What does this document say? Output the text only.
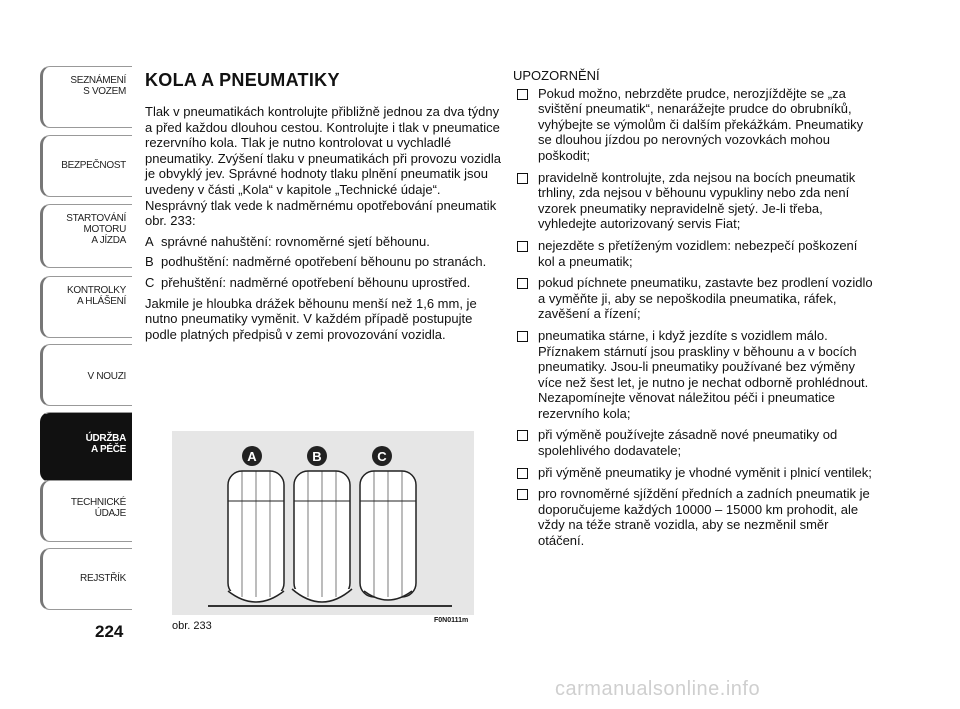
SEZNÁMENÍ
S VOZEM
BEZPEČNOST
STARTOVÁNÍ
MOTORU
A JÍZDA
KONTROLKY
A HLÁŠENÍ
V NOUZI
ÚDRŽBA
A PÉČE
TECHNICKÉ
ÚDAJE
REJSTŘÍK
224
KOLA A PNEUMATIKY

Tlak v pneumatikách kontrolujte přibližně jednou za dva týdny a před každou dlouhou cestou. Kontrolujte i tlak v pneumatice rezervního kola. Tlak je nutno kontrolovat u vychladlé pneumatiky. Zvýšení tlaku v pneumatikách při provozu vozidla je obvyklý jev. Správné hodnoty tlaku plnění pneumatik jsou uvedeny v části „Kola“ v kapitole „Technické údaje“. Nesprávný tlak vede k nadměrnému opotřebování pneumatik obr. 233:

A správné nahuštění: rovnoměrné sjetí běhounu.
B podhuštění: nadměrné opotřebení běhounu po stranách.
C přehuštění: nadměrné opotřebení běhounu uprostřed.

Jakmile je hloubka drážek běhounu menší než 1,6 mm, je nutno pneumatiky vyměnit. V každém případě postupujte podle platných předpisů v zemi provozování vozidla.

A	B	C
obr. 233	F0N0111m

UPOZORNĚNÍ

Pokud možno, nebrzděte prudce, nerozjíždějte se „za svištění pneumatik“, nenarážejte prudce do obrubníků, vyhýbejte se výmolům či dalším překážkám. Pneumatiky se dlouhou jízdou po nerovných vozovkách mohou poškodit;
pravidelně kontrolujte, zda nejsou na bocích pneumatik trhliny, zda nejsou v běhounu vypukliny nebo zda není vzorek pneumatiky nepravidelně sjetý. Je-li třeba, vyhledejte autorizovaný servis Fiat;
nejezděte s přetíženým vozidlem: nebezpečí poškození kol a pneumatik;
pokud píchnete pneumatiku, zastavte bez prodlení vozidlo a vyměňte ji, aby se nepoškodila pneumatika, ráfek, zavěšení a řízení;
pneumatika stárne, i když jezdíte s vozidlem málo. Příznakem stárnutí jsou praskliny v běhounu a v bocích pneumatiky. Jsou-li pneumatiky používané bez výměny více než šest let, je nutno je nechat odborně prohlédnout. Nezapomínejte věnovat náležitou péči i pneumatice rezervního kola;
při výměně používejte zásadně nové pneumatiky od spolehlivého dodavatele;
při výměně pneumatiky je vhodné vyměnit i plnicí ventilek;
pro rovnoměrné sjíždění předních a zadních pneumatik je doporučujeme každých 10000 – 15000 km prohodit, ale vždy na téže straně vozidla, aby se nezměnil směr otáčení.
carmanualsonline.info
